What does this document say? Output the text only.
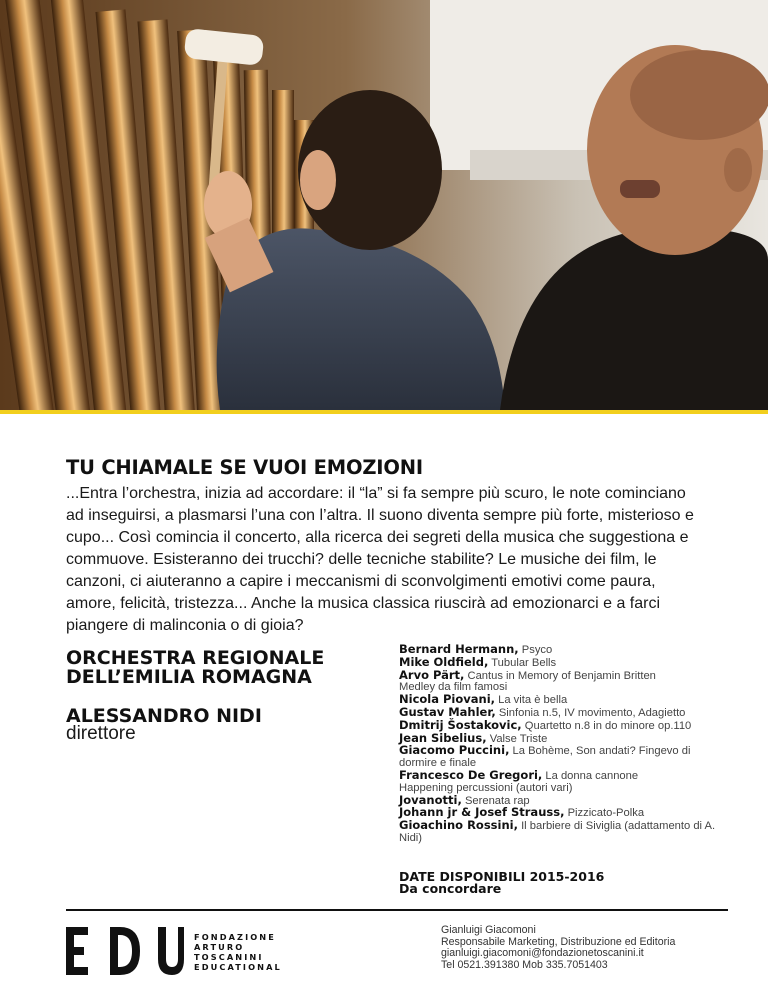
TU CHIAMALE SE VUOI EMOZIONI

...Entra l’orchestra, inizia ad accordare: il “la” si fa sempre più scuro, le note cominciano ad inseguirsi, a plasmarsi l’una con l’altra. Il suono diventa sempre più forte, misterioso e cupo... Così comincia il concerto, alla ricerca dei segreti della musica che suggestiona e commuove. Esisteranno dei trucchi? delle tecniche stabilite? Le musiche dei film, le canzoni, ci aiuteranno a capire i meccanismi di sconvolgimenti emotivi come paura, amore, felicità, tristezza... Anche la musica classica riuscirà ad emozionarci e a farci piangere di malinconia o di gioia?

ORCHESTRA REGIONALE DELL’EMILIA ROMAGNA
ALESSANDRO NIDI

direttore

Bernard Hermann, Psyco
Mike Oldfield, Tubular Bells
Arvo Pärt, Cantus in Memory of Benjamin Britten
Medley da film famosi
Nicola Piovani, La vita è bella
Gustav Mahler, Sinfonia n.5, IV movimento, Adagietto
Dmitrij Šostakovic, Quartetto n.8 in do minore op.110
Jean Sibelius, Valse Triste
Giacomo Puccini, La Bohème, Son andati? Fingevo di dormire e finale
Francesco De Gregori, La donna cannone
Happening percussioni (autori vari)
Jovanotti, Serenata rap
Johann jr & Josef Strauss, Pizzicato-Polka
Gioachino Rossini, Il barbiere di Siviglia (adattamento di A. Nidi)

DATE DISPONIBILI 2015-2016
Da concordare

FONDAZIONE
ARTURO
TOSCANINI
EDUCATIONAL

Gianluigi Giacomoni
Responsabile Marketing, Distribuzione ed Editoria
gianluigi.giacomoni@fondazionetoscanini.it
Tel 0521.391380 Mob 335.7051403
